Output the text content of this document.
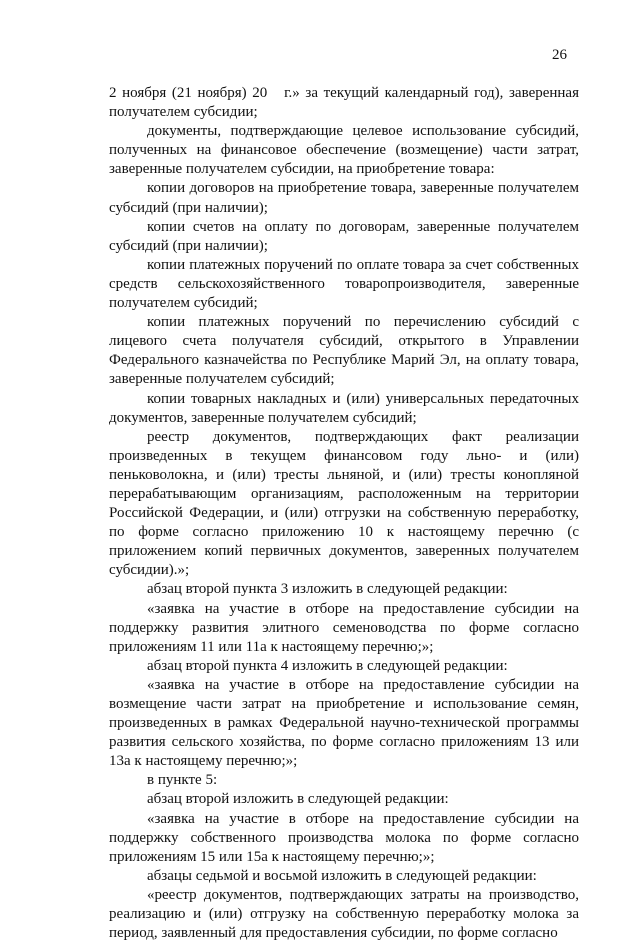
26

2 ноября (21 ноября) 20   г.» за текущий календарный год), заверенная получателем субсидии;

документы, подтверждающие целевое использование субсидий, полученных на финансовое обеспечение (возмещение) части затрат, заверенные получателем субсидии, на приобретение товара:

копии договоров на приобретение товара, заверенные получателем субсидий (при наличии);

копии счетов на оплату по договорам, заверенные получателем субсидий (при наличии);

копии платежных поручений по оплате товара за счет собственных средств сельскохозяйственного товаропроизводителя, заверенные получателем субсидий;

копии платежных поручений по перечислению субсидий с лицевого счета получателя субсидий, открытого в Управлении Федерального казначейства по Республике Марий Эл, на оплату товара, заверенные получателем субсидий;

копии товарных накладных и (или) универсальных передаточных документов, заверенные получателем субсидий;

реестр документов, подтверждающих факт реализации произведенных в текущем финансовом году льно- и (или) пеньковолокна, и (или) тресты льняной, и (или) тресты конопляной перерабатывающим организациям, расположенным на территории Российской Федерации, и (или) отгрузки на собственную переработку, по форме согласно приложению 10 к настоящему перечню (с приложением копий первичных документов, заверенных получателем субсидии).»;

абзац второй пункта 3 изложить в следующей редакции:

«заявка на участие в отборе на предоставление субсидии на поддержку развития элитного семеноводства по форме согласно приложениям 11 или 11а к настоящему перечню;»;

абзац второй пункта 4 изложить в следующей редакции:

«заявка на участие в отборе на предоставление субсидии на возмещение части затрат на приобретение и использование семян, произведенных в рамках Федеральной научно-технической программы развития сельского хозяйства, по форме согласно приложениям 13 или 13а к настоящему перечню;»;

в пункте 5:

абзац второй изложить в следующей редакции:

«заявка на участие в отборе на предоставление субсидии на поддержку собственного производства молока по форме согласно приложениям 15 или 15а к настоящему перечню;»;

абзацы седьмой и восьмой изложить в следующей редакции:

«реестр документов, подтверждающих затраты на производство, реализацию и (или) отгрузку на собственную переработку молока за период, заявленный для предоставления субсидии, по форме согласно
